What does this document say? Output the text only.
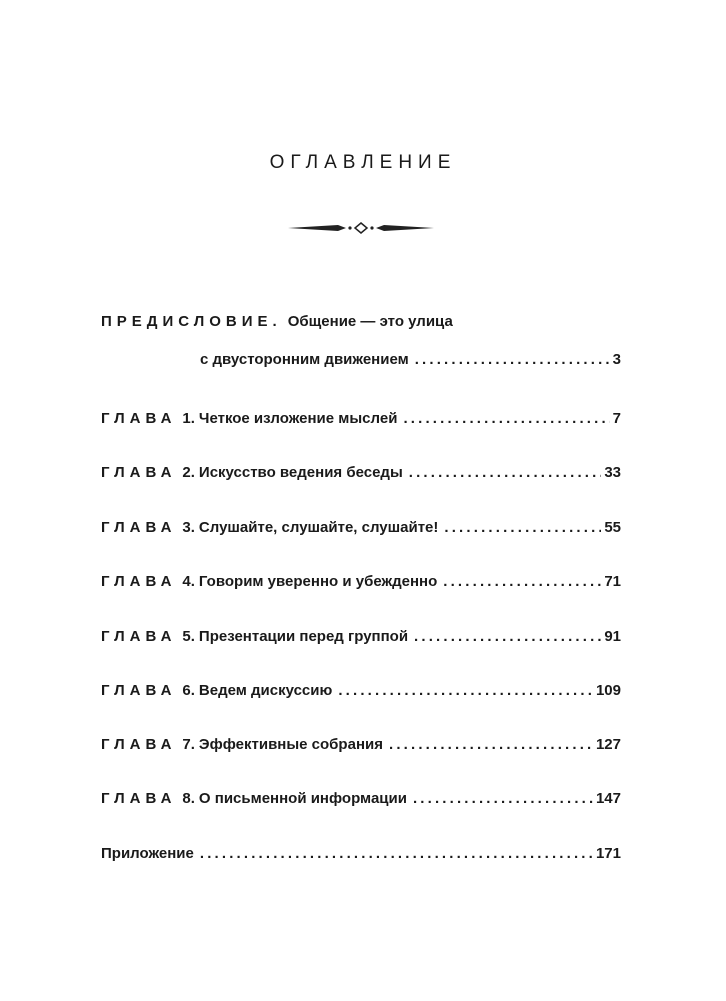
ОГЛАВЛЕНИЕ
ПРЕДИСЛОВИЕ. Общение — это улица
с двусторонним движением . . .	3
ГЛАВА 1. Четкое изложение мыслей . . .	7
ГЛАВА 2. Искусство ведения беседы . . .	33
ГЛАВА 3. Слушайте, слушайте, слушайте! . . .	55
ГЛАВА 4. Говорим уверенно и убежденно . . .	71
ГЛАВА 5. Презентации перед группой . . .	91
ГЛАВА 6. Ведем дискуссию . . .	109
ГЛАВА 7. Эффективные собрания . . .	127
ГЛАВА 8. О письменной информации . . .	147
Приложение . . .	171
